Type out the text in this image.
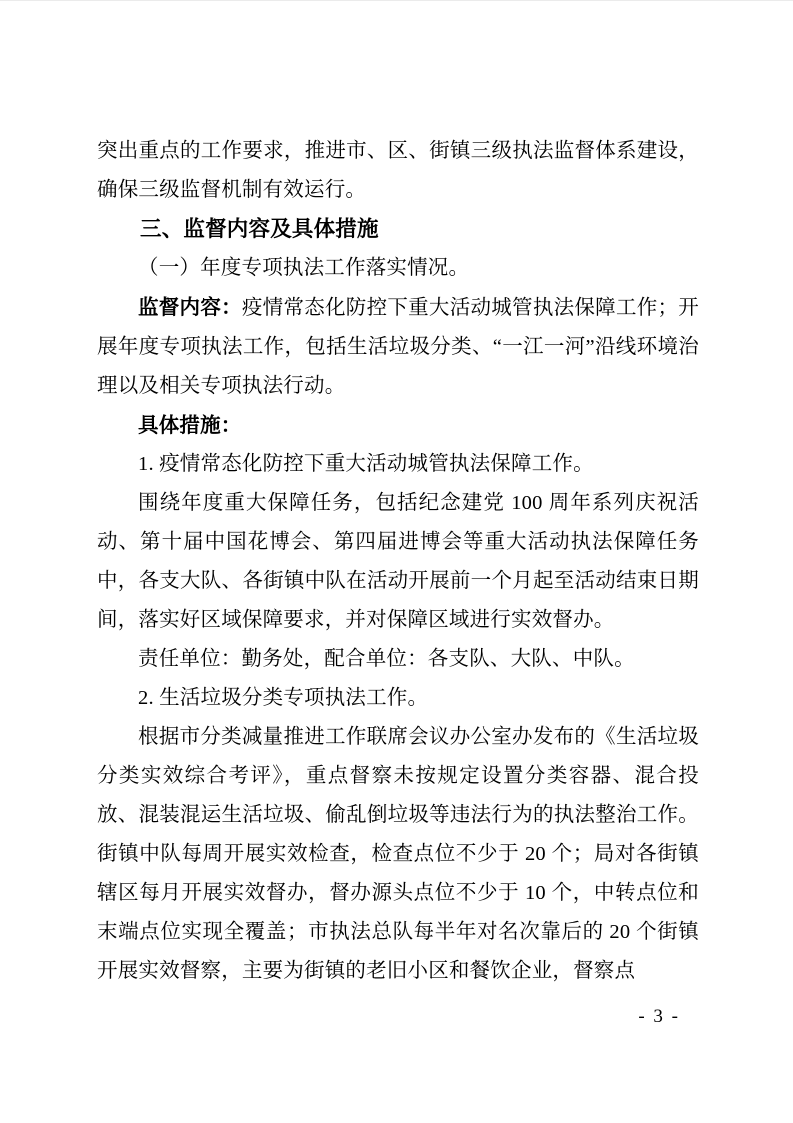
突出重点的工作要求，推进市、区、街镇三级执法监督体系建设，确保三级监督机制有效运行。

三、监督内容及具体措施

（一）年度专项执法工作落实情况。

监督内容：疫情常态化防控下重大活动城管执法保障工作；开展年度专项执法工作，包括生活垃圾分类、“一江一河”沿线环境治理以及相关专项执法行动。

具体措施：

1. 疫情常态化防控下重大活动城管执法保障工作。

围绕年度重大保障任务，包括纪念建党 100 周年系列庆祝活动、第十届中国花博会、第四届进博会等重大活动执法保障任务中，各支大队、各街镇中队在活动开展前一个月起至活动结束日期间，落实好区域保障要求，并对保障区域进行实效督办。

责任单位：勤务处，配合单位：各支队、大队、中队。

2. 生活垃圾分类专项执法工作。

根据市分类减量推进工作联席会议办公室办发布的《生活垃圾分类实效综合考评》，重点督察未按规定设置分类容器、混合投放、混装混运生活垃圾、偷乱倒垃圾等违法行为的执法整治工作。街镇中队每周开展实效检查，检查点位不少于 20 个；局对各街镇辖区每月开展实效督办，督办源头点位不少于 10 个，中转点位和末端点位实现全覆盖；市执法总队每半年对名次靠后的 20 个街镇开展实效督察，主要为街镇的老旧小区和餐饮企业，督察点

- 3 -
